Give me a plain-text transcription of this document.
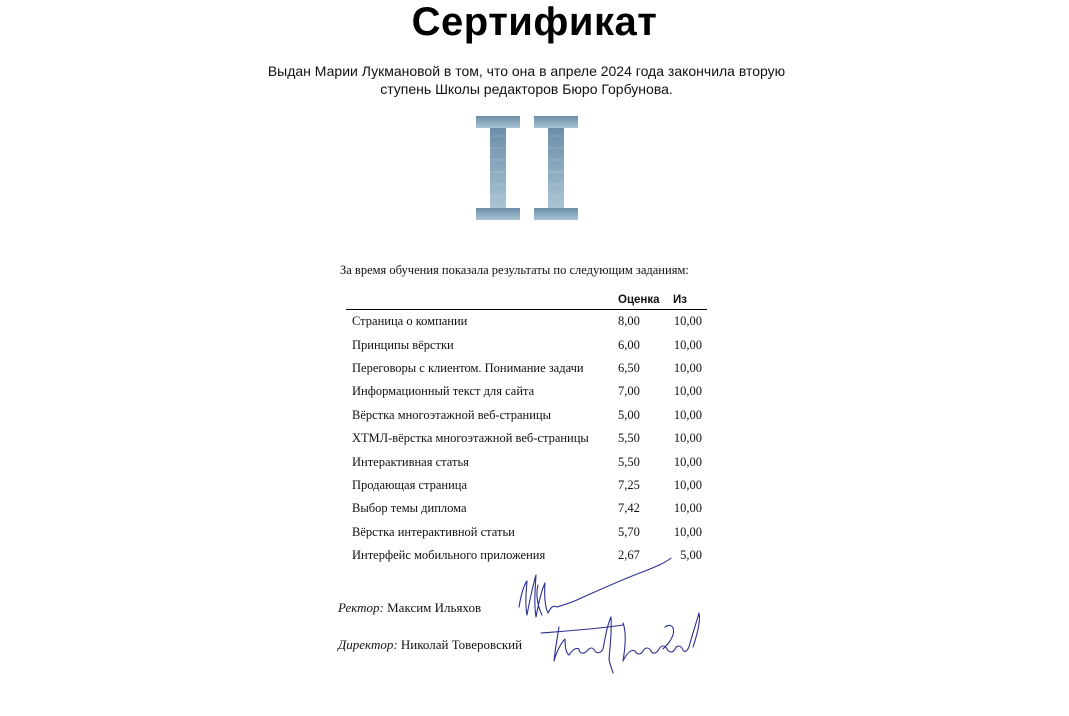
Сертификат
Выдан Марии Лукмановой в том, что она в апреле 2024 года закончила вторую ступень Школы редакторов Бюро Горбунова.
За время обучения показала результаты по следующим заданиям:
	Оценка	Из
Страница о компании	8,00	10,00
Принципы вёрстки	6,00	10,00
Переговоры с клиентом. Понимание задачи	6,50	10,00
Информационный текст для сайта	7,00	10,00
Вёрстка многоэтажной веб-страницы	5,00	10,00
ХТМЛ-вёрстка многоэтажной веб-страницы	5,50	10,00
Интерактивная статья	5,50	10,00
Продающая страница	7,25	10,00
Выбор темы диплома	7,42	10,00
Вёрстка интерактивной статьи	5,70	10,00
Интерфейс мобильного приложения	2,67	5,00
Ректор: Максим Ильяхов
Директор: Николай Товеровский
